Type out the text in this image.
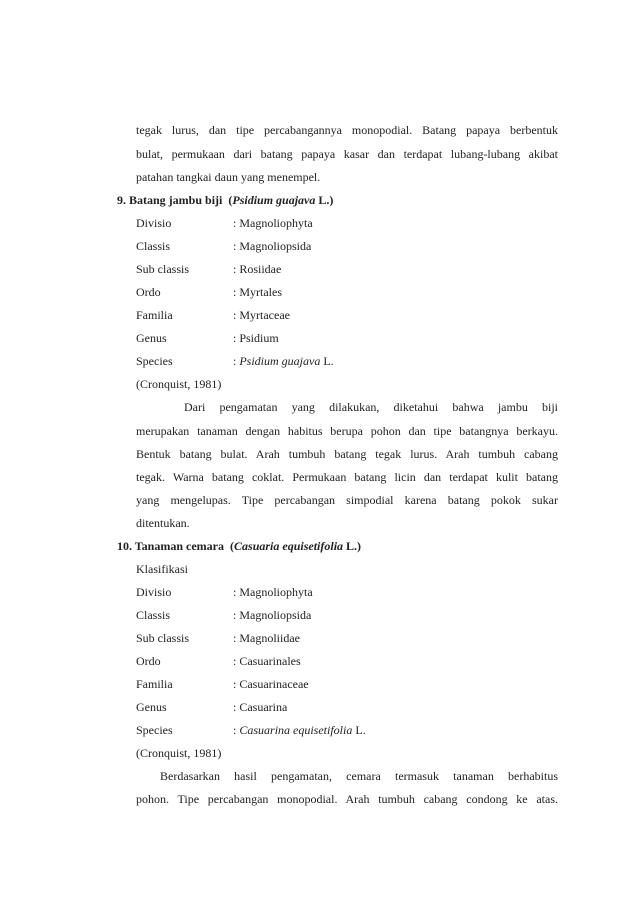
tegak lurus, dan tipe percabangannya monopodial. Batang papaya berbentuk
bulat, permukaan dari batang papaya kasar dan terdapat lubang-lubang akibat
patahan tangkai daun yang menempel.
9. Batang jambu biji (Psidium guajava L.)
Divisio	: Magnoliophyta
Classis	: Magnoliopsida
Sub classis	: Rosiidae
Ordo	: Myrtales
Familia	: Myrtaceae
Genus	: Psidium
Species	: Psidium guajava L.
(Cronquist, 1981)
Dari pengamatan yang dilakukan, diketahui bahwa jambu biji
merupakan tanaman dengan habitus berupa pohon dan tipe batangnya berkayu.
Bentuk batang bulat. Arah tumbuh batang tegak lurus. Arah tumbuh cabang
tegak. Warna batang coklat. Permukaan batang licin dan terdapat kulit batang
yang mengelupas. Tipe percabangan simpodial karena batang pokok sukar
ditentukan.
10. Tanaman cemara (Casuaria equisetifolia L.)
Klasifikasi
Divisio	: Magnoliophyta
Classis	: Magnoliopsida
Sub classis	: Magnoliidae
Ordo	: Casuarinales
Familia	: Casuarinaceae
Genus	: Casuarina
Species	: Casuarina equisetifolia L.
(Cronquist, 1981)
Berdasarkan hasil pengamatan, cemara termasuk tanaman berhabitus
pohon. Tipe percabangan monopodial. Arah tumbuh cabang condong ke atas.
